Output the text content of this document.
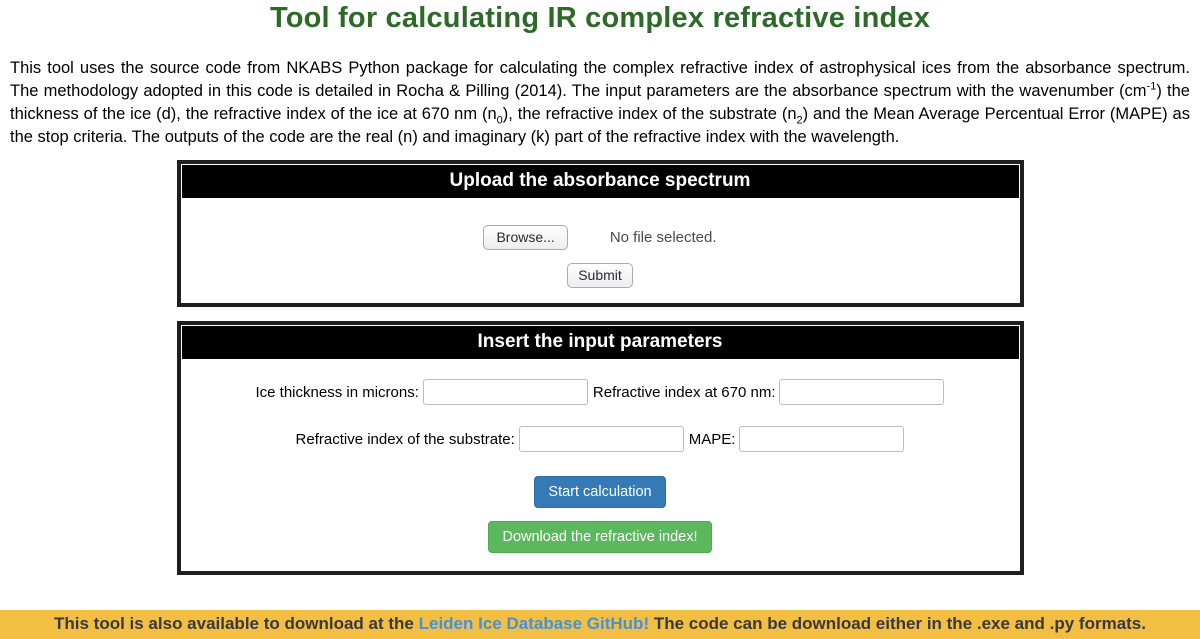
Tool for calculating IR complex refractive index

This tool uses the source code from NKABS Python package for calculating the complex refractive index of astrophysical ices from the absorbance spectrum. The methodology adopted in this code is detailed in Rocha & Pilling (2014). The input parameters are the absorbance spectrum with the wavenumber $(cm^{-1})$ the thickness of the ice (d), the refractive index of the ice at 670 nm $(n_0)$, the refractive index of the substrate $(n_2)$ and the Mean Average Percentual Error (MAPE) as the stop criteria. The outputs of the code are the real (n) and imaginary (k) part of the refractive index with the wavelength.

Upload the absorbance spectrum
Browse...	No file selected.
Submit
Insert the input parameters
Ice thickness in microns:	Refractive index at 670 nm:
Refractive index of the substrate:	MAPE:
Start calculation
Download the refractive index!
This tool is also available to download at the Leiden Ice Database GitHub! The code can be download either in the .exe and .py formats.
